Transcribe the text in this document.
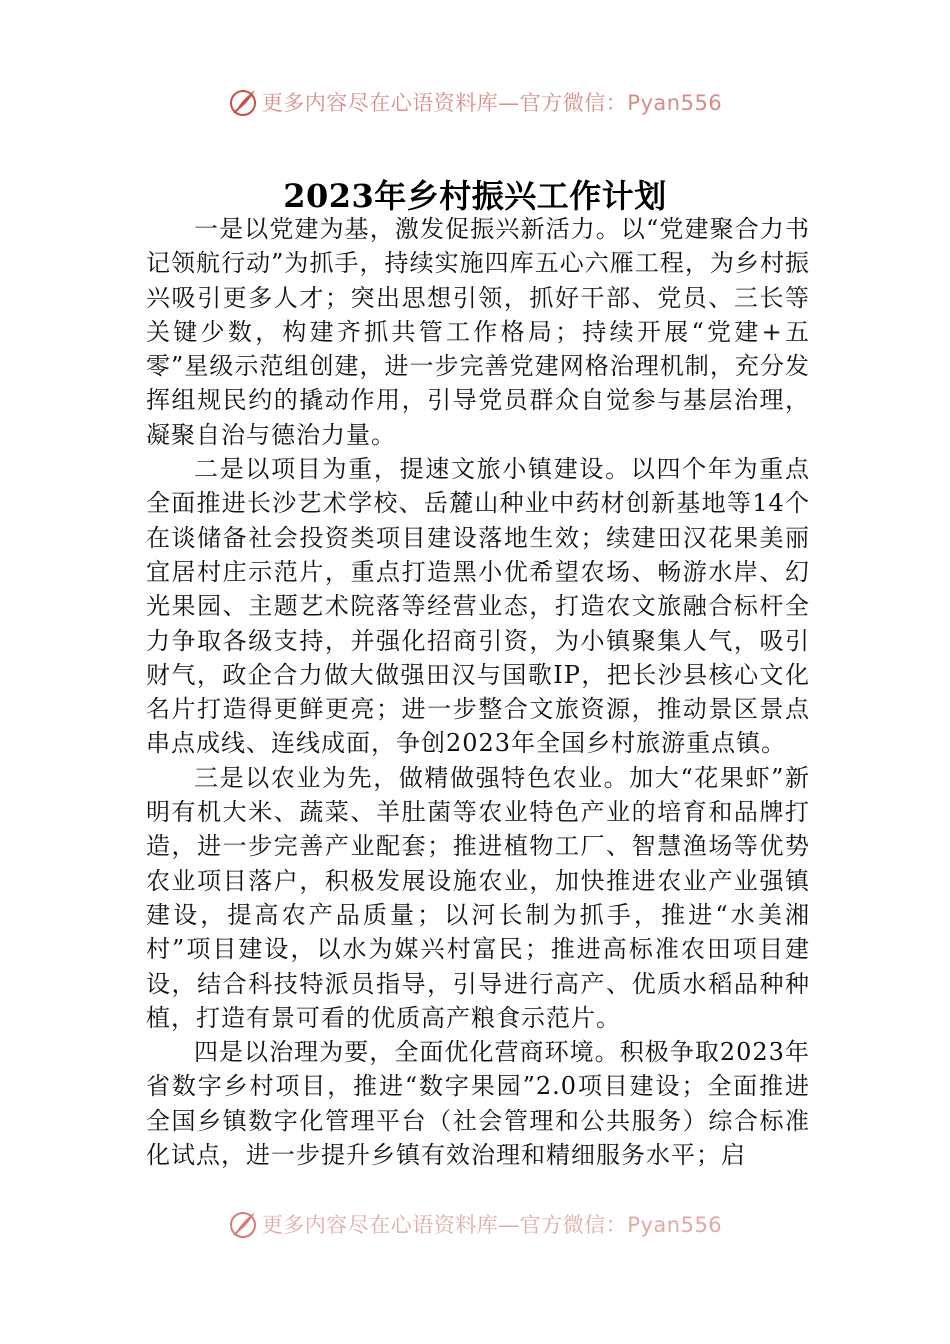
更多内容尽在心语资料库—官方微信：Pyan556
2023年乡村振兴工作计划

一是以党建为基，激发促振兴新活力。以“党建聚合力书记领航行动”为抓手，持续实施四库五心六雁工程，为乡村振兴吸引更多人才；突出思想引领，抓好干部、党员、三长等关键少数，构建齐抓共管工作格局；持续开展“党建+五零”星级示范组创建，进一步完善党建网格治理机制，充分发挥组规民约的撬动作用，引导党员群众自觉参与基层治理，凝聚自治与德治力量。

二是以项目为重，提速文旅小镇建设。以四个年为重点全面推进长沙艺术学校、岳麓山种业中药材创新基地等14个在谈储备社会投资类项目建设落地生效；续建田汉花果美丽宜居村庄示范片，重点打造黑小优希望农场、畅游水岸、幻光果园、主题艺术院落等经营业态，打造农文旅融合标杆全力争取各级支持，并强化招商引资，为小镇聚集人气，吸引财气，政企合力做大做强田汉与国歌IP，把长沙县核心文化名片打造得更鲜更亮；进一步整合文旅资源，推动景区景点串点成线、连线成面，争创2023年全国乡村旅游重点镇。

三是以农业为先，做精做强特色农业。加大“花果虾”新明有机大米、蔬菜、羊肚菌等农业特色产业的培育和品牌打造，进一步完善产业配套；推进植物工厂、智慧渔场等优势农业项目落户，积极发展设施农业，加快推进农业产业强镇建设，提高农产品质量；以河长制为抓手，推进“水美湘村”项目建设，以水为媒兴村富民；推进高标准农田项目建设，结合科技特派员指导，引导进行高产、优质水稻品种种植，打造有景可看的优质高产粮食示范片。

四是以治理为要，全面优化营商环境。积极争取2023年省数字乡村项目，推进“数字果园”2.0项目建设；全面推进全国乡镇数字化管理平台（社会管理和公共服务）综合标准化试点，进一步提升乡镇有效治理和精细服务水平；启

更多内容尽在心语资料库—官方微信：Pyan556
